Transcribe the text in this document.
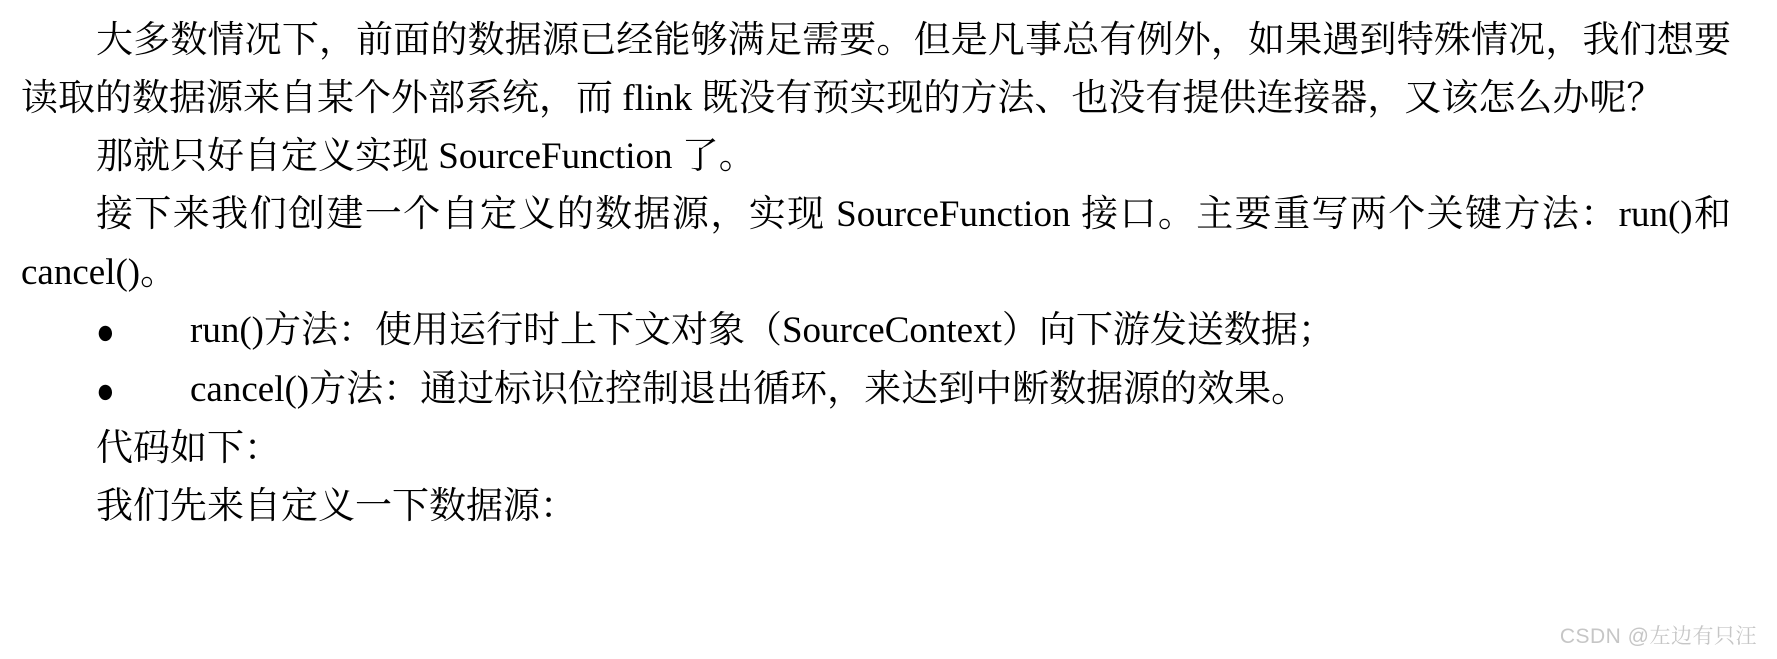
大多数情况下，前面的数据源已经能够满足需要。但是凡事总有例外，如果遇到特殊情况，我们想要读取的数据源来自某个外部系统，而 flink 既没有预实现的方法、也没有提供连接器，又该怎么办呢？

那就只好自定义实现 SourceFunction 了。

接下来我们创建一个自定义的数据源，实现 SourceFunction 接口。主要重写两个关键方法：run()和 cancel()。

● run()方法：使用运行时上下文对象（SourceContext）向下游发送数据；
● cancel()方法：通过标识位控制退出循环，来达到中断数据源的效果。

代码如下：

我们先来自定义一下数据源：

CSDN @左边有只汪
